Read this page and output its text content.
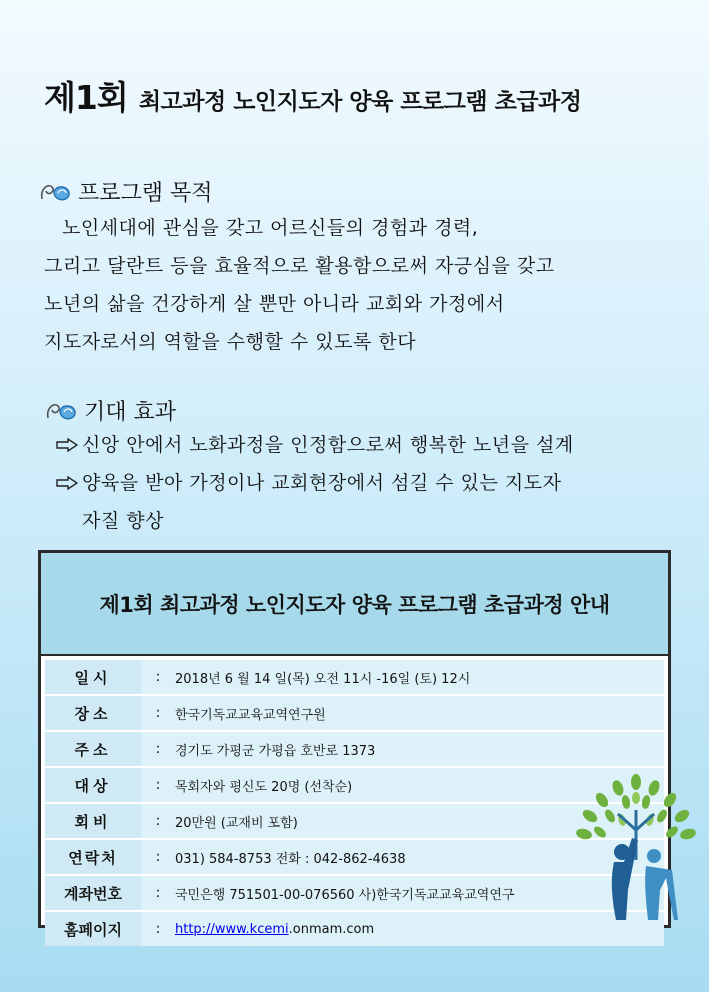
제1회 최고과정 노인지도자 양육 프로그램 초급과정
프로그램 목적
노인세대에 관심을 갖고 어르신들의 경험과 경력,
그리고 달란트 등을 효율적으로 활용함으로써 자긍심을 갖고
노년의 삶을 건강하게 살 뿐만 아니라 교회와 가정에서
지도자로서의 역할을 수행할 수 있도록 한다
기대 효과
신앙 안에서 노화과정을 인정함으로써 행복한 노년을 설계
양육을 받아 가정이나 교회현장에서 섬길 수 있는 지도자
자질 향상
제1회 최고과정 노인지도자 양육 프로그램 초급과정 안내
일시	:	2018년 6 월 14 일(목) 오전 11시 -16일 (토) 12시
장소	:	한국기독교교육교역연구원
주소	:	경기도 가평군 가평읍 호반로 1373
대상	:	목회자와 평신도 20명 (선착순)
회비	:	20만원 (교재비 포함)
연락처	:	031) 584-8753 전화 : 042-862-4638
계좌번호	:	국민은행 751501-00-076560 사)한국기독교교육교역연구
홈페이지	:	http://www.kcemi.onmam.com
